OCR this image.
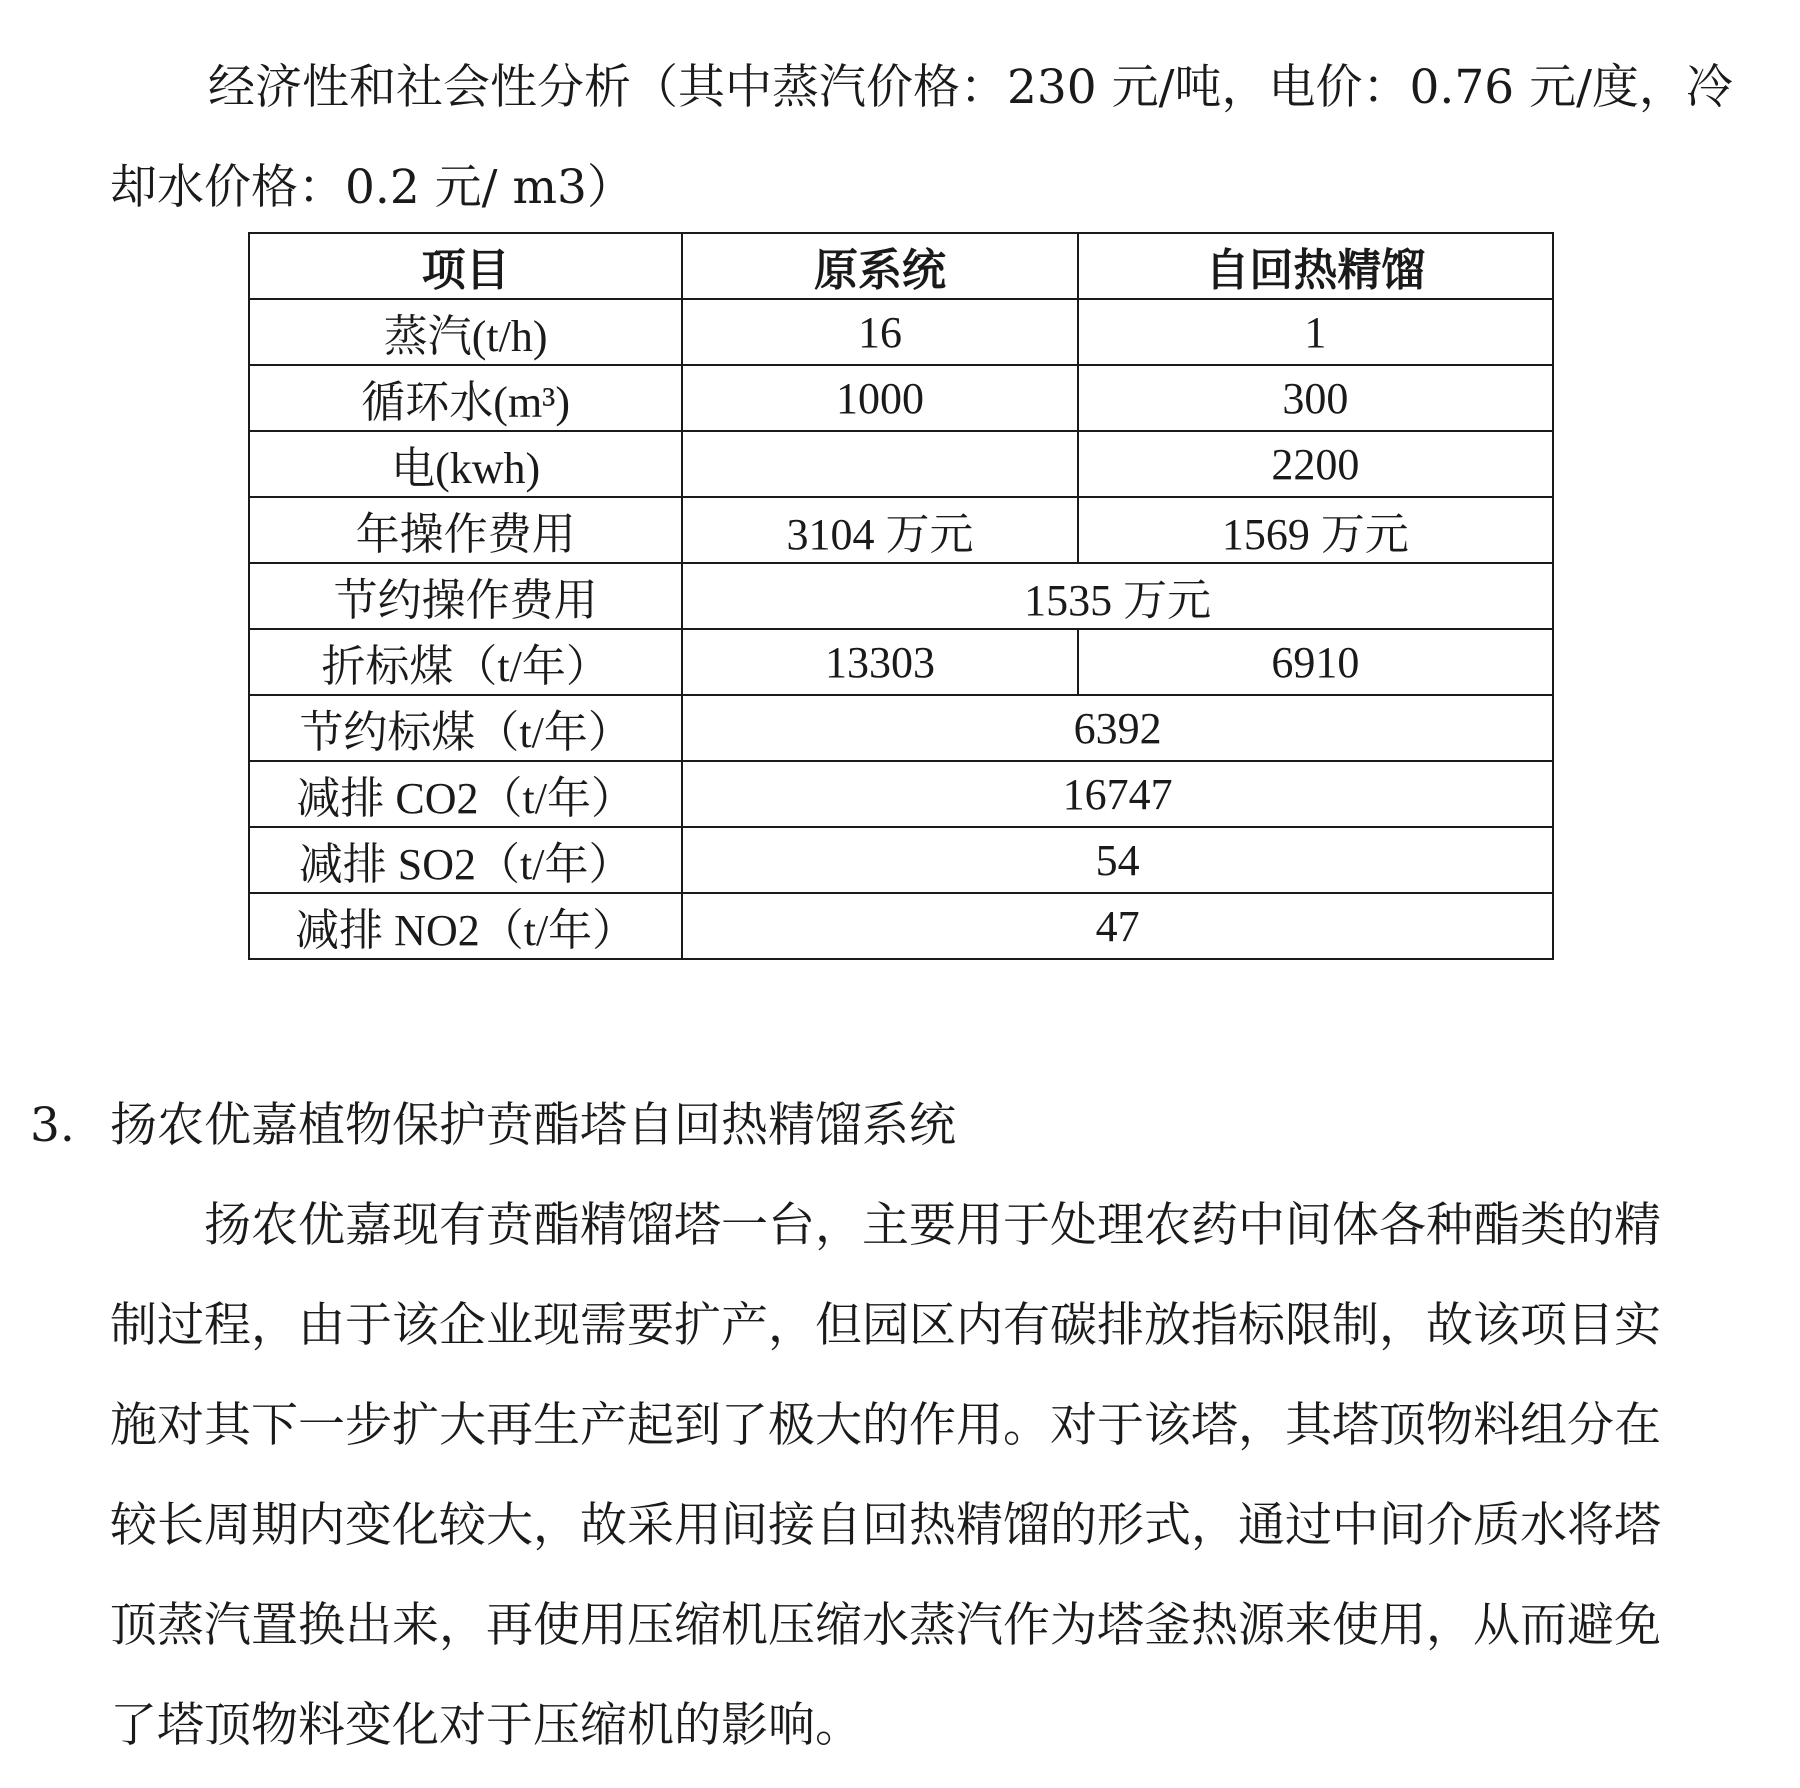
经济性和社会性分析（其中蒸汽价格：230 元/吨，电价：0.76 元/度，冷
却水价格：0.2 元/ m3）
项目	原系统	自回热精馏
蒸汽(t/h)	16	1
循环水(m³)	1000	300
电(kwh)		2200
年操作费用	3104 万元	1569 万元
节约操作费用	1535 万元	
折标煤（t/年）	13303	6910
节约标煤（t/年）	6392	
减排 CO2（t/年）	16747	
减排 SO2（t/年）	54	
减排 NO2（t/年）	47	
3. 扬农优嘉植物保护贲酯塔自回热精馏系统
　　扬农优嘉现有贲酯精馏塔一台，主要用于处理农药中间体各种酯类的精
制过程，由于该企业现需要扩产，但园区内有碳排放指标限制，故该项目实
施对其下一步扩大再生产起到了极大的作用。对于该塔，其塔顶物料组分在
较长周期内变化较大，故采用间接自回热精馏的形式，通过中间介质水将塔
顶蒸汽置换出来，再使用压缩机压缩水蒸汽作为塔釜热源来使用，从而避免
了塔顶物料变化对于压缩机的影响。
